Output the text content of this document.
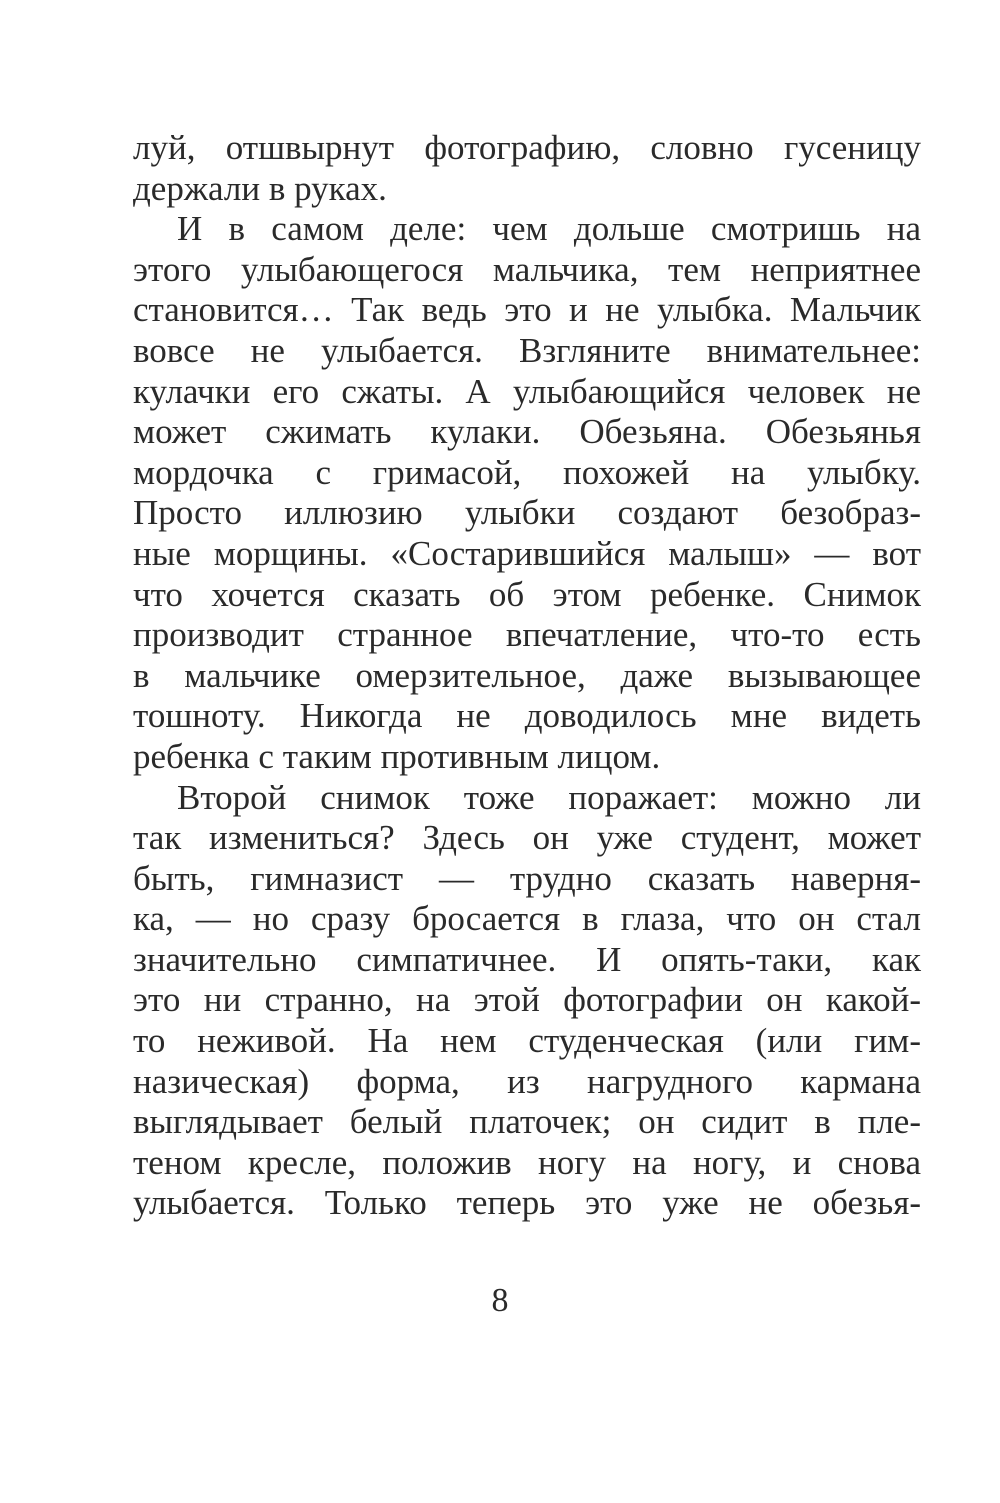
луй, отшвырнут фотографию, словно гусеницу
держали в руках.
И в самом деле: чем дольше смотришь на
этого улыбающегося мальчика, тем неприятнее
становится… Так ведь это и не улыбка. Мальчик
вовсе не улыбается. Взгляните внимательнее:
кулачки его сжаты. А улыбающийся человек не
может сжимать кулаки. Обезьяна. Обезьянья
мордочка с гримасой, похожей на улыбку.
Просто иллюзию улыбки создают безобраз-
ные морщины. «Состарившийся малыш» — вот
что хочется сказать об этом ребенке. Снимок
производит странное впечатление, что-то есть
в мальчике омерзительное, даже вызывающее
тошноту. Никогда не доводилось мне видеть
ребенка с таким противным лицом.
Второй снимок тоже поражает: можно ли
так измениться? Здесь он уже студент, может
быть, гимназист — трудно сказать наверня-
ка, — но сразу бросается в глаза, что он стал
значительно симпатичнее. И опять-таки, как
это ни странно, на этой фотографии он какой-
то неживой. На нем студенческая (или гим-
назическая) форма, из нагрудного кармана
выглядывает белый платочек; он сидит в пле-
теном кресле, положив ногу на ногу, и снова
улыбается. Только теперь это уже не обезья-
8
